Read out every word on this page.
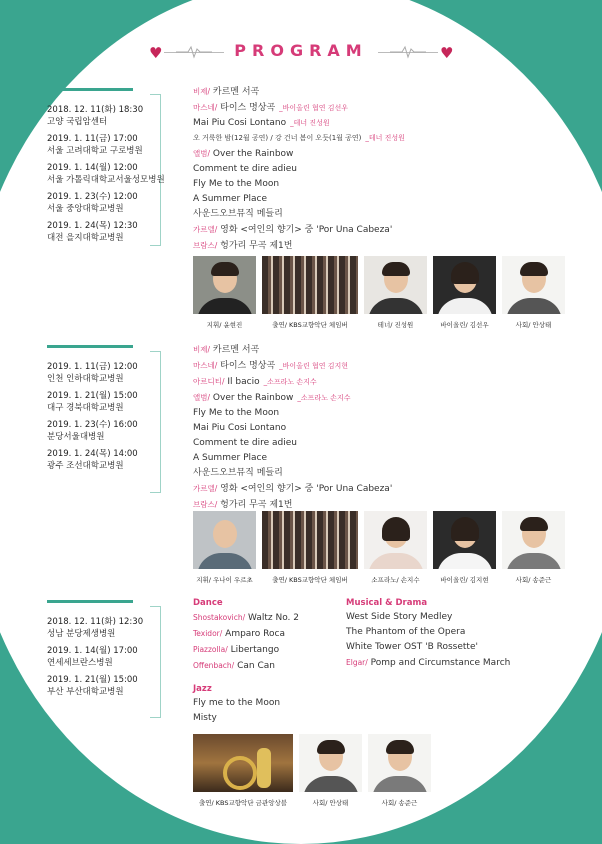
♥	PROGRAM	♥
2018. 12. 11(화) 18:30
고양 국립암센터
2019. 1. 11(금) 17:00
서울 고려대학교 구로병원
2019. 1. 14(월) 12:00
서울 가톨릭대학교서울성모병원
2019. 1. 23(수) 12:00
서울 중앙대학교병원
2019. 1. 24(목) 12:30
대전 을지대학교병원
비제/ 카르멘 서곡
마스네/ 타이스 명상곡 _바이올린 협연 김선우
Mai Piu Cosi Lontano _테너 진성원
오 거룩한 밤(12월 공연) / 강 건너 봄이 오듯(1월 공연) _테너 진성원
앨범/ Over the Rainbow
Comment te dire adieu
Fly Me to the Moon
A Summer Place
사운드오브뮤직 메들리
가르델/ 영화 <여인의 향기> 중 'Por Una Cabeza'
브람스/ 헝가리 무곡 제1번
지휘/ 윤현진	출연/ KBS교향악단 체임버	테너/ 진성원	바이올린/ 김선우	사회/ 안상태
2019. 1. 11(금) 12:00
인천 인하대학교병원
2019. 1. 21(월) 15:00
대구 경북대학교병원
2019. 1. 23(수) 16:00
분당서울대병원
2019. 1. 24(목) 14:00
광주 조선대학교병원
비제/ 카르멘 서곡
마스네/ 타이스 명상곡 _바이올린 협연 김지현
아르디티/ Il bacio _소프라노 손지수
앨범/ Over the Rainbow _소프라노 손지수
Fly Me to the Moon
Mai Piu Cosi Lontano
Comment te dire adieu
A Summer Place
사운드오브뮤직 메들리
가르델/ 영화 <여인의 향기> 중 'Por Una Cabeza'
브람스/ 헝가리 무곡 제1번
지휘/ 우나이 우르초	출연/ KBS교향악단 체임버	소프라노/ 손지수	바이올린/ 김지현	사회/ 송준근
2018. 12. 11(화) 12:30
성남 분당제생병원
2019. 1. 14(월) 17:00
연세세브란스병원
2019. 1. 21(월) 15:00
부산 부산대학교병원
Dance
Shostakovich/ Waltz No. 2
Texidor/ Amparo Roca
Piazzolla/ Libertango
Offenbach/ Can Can
Jazz
Fly me to the Moon
Misty
Musical & Drama
West Side Story Medley
The Phantom of the Opera
White Tower OST 'B Rossette'
Elgar/ Pomp and Circumstance March
출연/ KBS교향악단 금관앙상블	사회/ 안상태	사회/ 송준근
